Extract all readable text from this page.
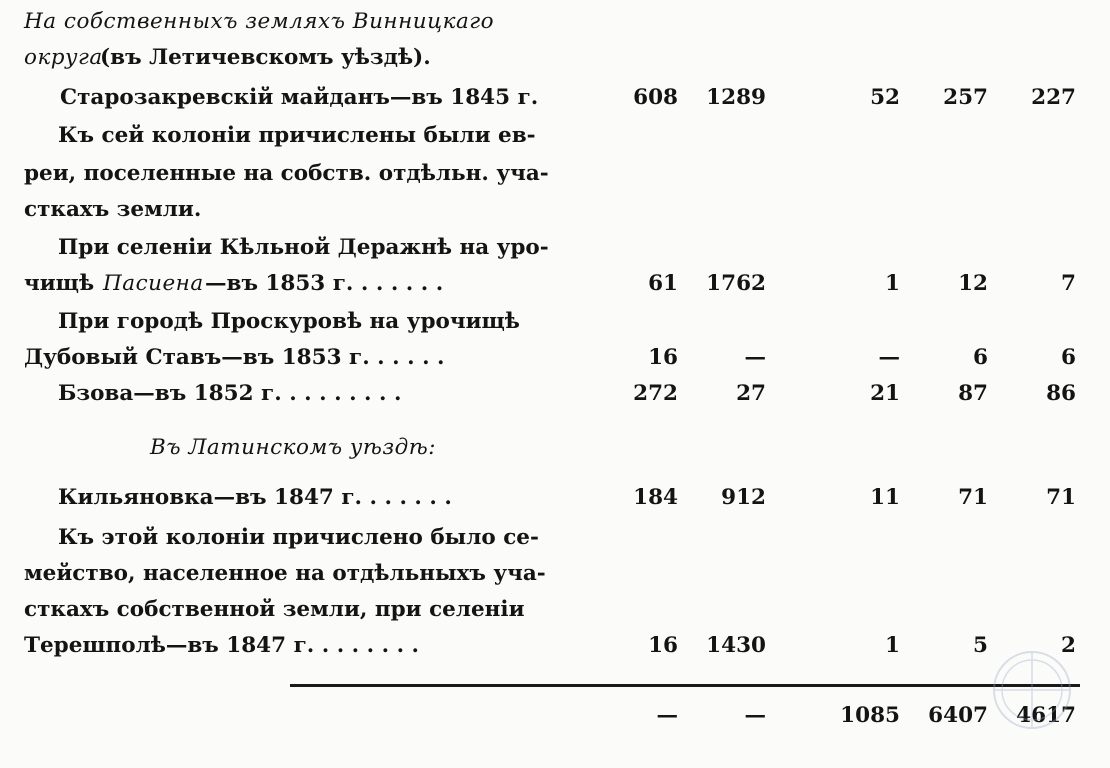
На собственныхъ земляхъ Винницкаго
округа
(въ Летичевскомъ уѣздѣ).
Старозакревскій майданъ—въ 1845 г.	608	1289	52	257	227
Къ сей колоніи причислены были ев-
реи, поселенные на собств. отдѣльн. уча-
сткахъ земли.
При селеніи Кѣльной Деражнѣ на уро-
чищѣ Пасиена —въ 1853 г. . . . . . .	61	1762	1	12	7
При городѣ Проскуровѣ на урочищѣ
Дубовый Ставъ—въ 1853 г. . . . . .	16	—	—	6	6
Бзова—въ 1852 г. . . . . . . . .	272	27	21	87	86
Въ Латинскомъ уѣздѣ:
Кильяновка—въ 1847 г. . . . . . .	184	912	11	71	71
Къ этой колоніи причислено было се-
мейство, населенное на отдѣльныхъ уча-
сткахъ собственной земли, при селеніи
Терешполѣ—въ 1847 г. . . . . . . .	16	1430	1	5	2
—	—	1085	6407	4617
